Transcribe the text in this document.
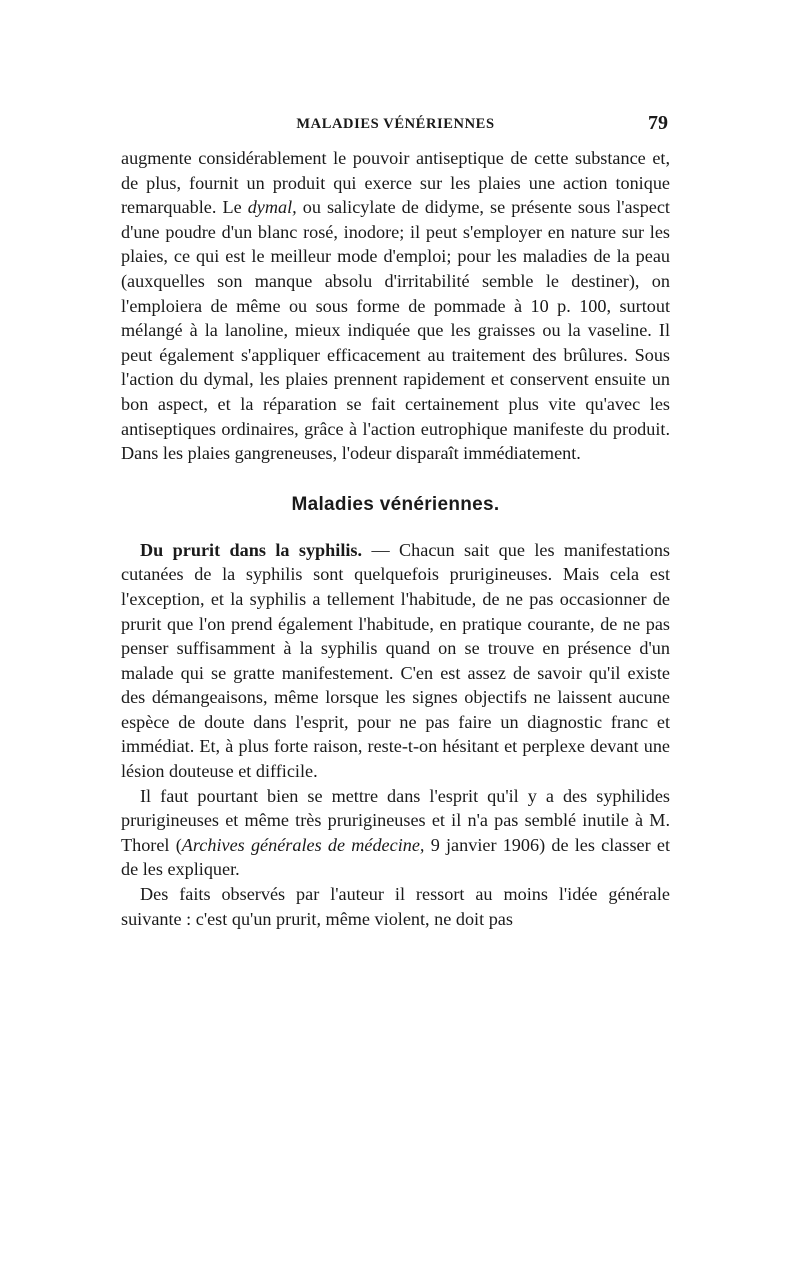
MALADIES VÉNÉRIENNES	79

augmente considérablement le pouvoir antiseptique de cette substance et, de plus, fournit un produit qui exerce sur les plaies une action tonique remarquable. Le dymal, ou salicylate de didyme, se présente sous l'aspect d'une poudre d'un blanc rosé, inodore; il peut s'employer en nature sur les plaies, ce qui est le meilleur mode d'emploi; pour les maladies de la peau (auxquelles son manque absolu d'irritabilité semble le destiner), on l'emploiera de même ou sous forme de pommade à 10 p. 100, surtout mélangé à la lanoline, mieux indiquée que les graisses ou la vaseline. Il peut également s'appliquer efficacement au traitement des brûlures. Sous l'action du dymal, les plaies prennent rapidement et conservent ensuite un bon aspect, et la réparation se fait certainement plus vite qu'avec les antiseptiques ordinaires, grâce à l'action eutrophique manifeste du produit. Dans les plaies gangreneuses, l'odeur disparaît immédiatement.

Maladies vénériennes.

Du prurit dans la syphilis. — Chacun sait que les manifestations cutanées de la syphilis sont quelquefois prurigineuses. Mais cela est l'exception, et la syphilis a tellement l'habitude, de ne pas occasionner de prurit que l'on prend également l'habitude, en pratique courante, de ne pas penser suffisamment à la syphilis quand on se trouve en présence d'un malade qui se gratte manifestement. C'en est assez de savoir qu'il existe des démangeaisons, même lorsque les signes objectifs ne laissent aucune espèce de doute dans l'esprit, pour ne pas faire un diagnostic franc et immédiat. Et, à plus forte raison, reste-t-on hésitant et perplexe devant une lésion douteuse et difficile.

Il faut pourtant bien se mettre dans l'esprit qu'il y a des syphilides prurigineuses et même très prurigineuses et il n'a pas semblé inutile à M. Thorel (Archives générales de médecine, 9 janvier 1906) de les classer et de les expliquer.

Des faits observés par l'auteur il ressort au moins l'idée générale suivante : c'est qu'un prurit, même violent, ne doit pas
